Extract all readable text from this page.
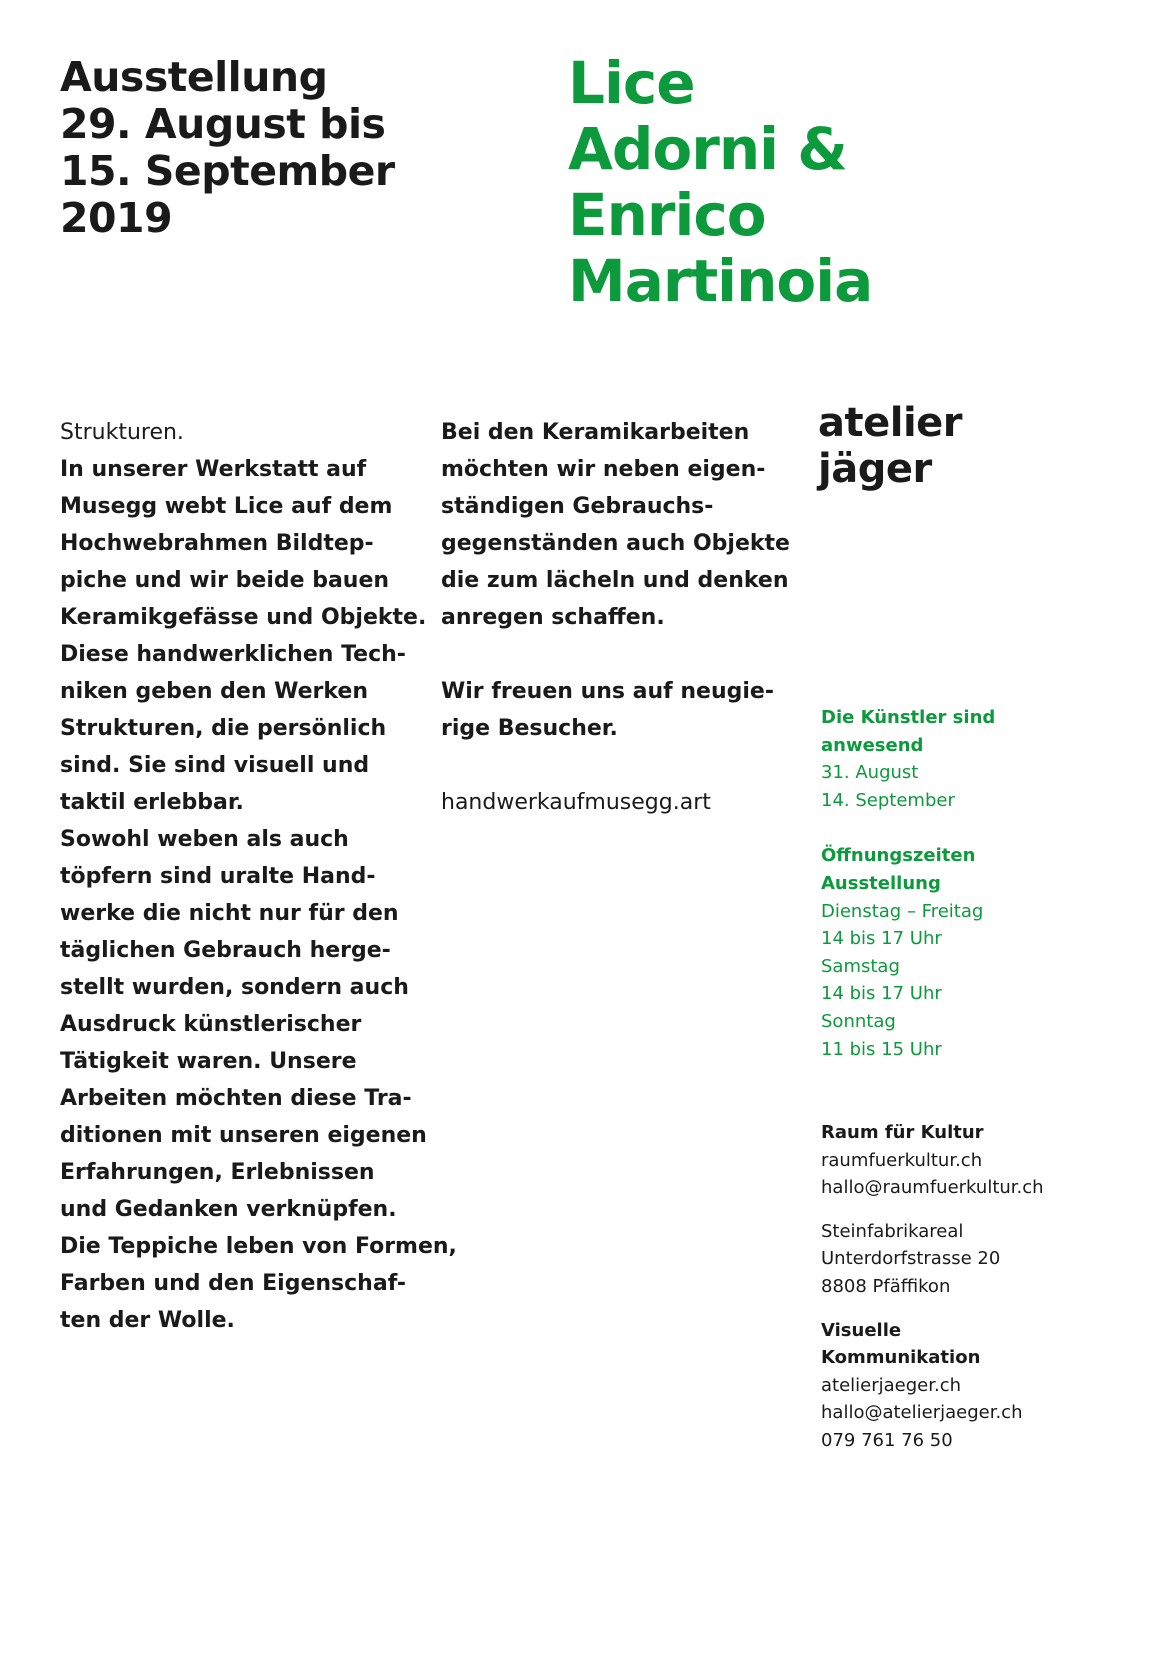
Ausstellung
29. August bis
15. September
2019
Lice
Adorni &
Enrico
Martinoia
Strukturen.
In unserer Werkstatt auf
Musegg webt Lice auf dem
Hochwebrahmen Bildtep-
piche und wir beide bauen
Keramikgefässe und Objekte.
Diese handwerklichen Tech-
niken geben den Werken
Strukturen, die persönlich
sind. Sie sind visuell und
taktil erlebbar.
Sowohl weben als auch
töpfern sind uralte Hand-
werke die nicht nur für den
täglichen Gebrauch herge-
stellt wurden, sondern auch
Ausdruck künstlerischer
Tätigkeit waren. Unsere
Arbeiten möchten diese Tra-
ditionen mit unseren eigenen
Erfahrungen, Erlebnissen
und Gedanken verknüpfen.
Die Teppiche leben von Formen,
Farben und den Eigenschaf-
ten der Wolle.
Bei den Keramikarbeiten
möchten wir neben eigen-
ständigen Gebrauchs-
gegenständen auch Objekte
die zum lächeln und denken
anregen schaffen.
Wir freuen uns auf neugie-
rige Besucher.
handwerkaufmusegg.art
atelier
jäger
Die Künstler sind
anwesend
31. August
14. September
Öffnungszeiten
Ausstellung
Dienstag – Freitag
14 bis 17 Uhr
Samstag
14 bis 17 Uhr
Sonntag
11 bis 15 Uhr
Raum für Kultur
raumfuerkultur.ch
hallo@raumfuerkultur.ch
Steinfabrikareal
Unterdorfstrasse 20
8808 Pfäffikon
Visuelle
Kommunikation
atelierjaeger.ch
hallo@atelierjaeger.ch
079 761 76 50
